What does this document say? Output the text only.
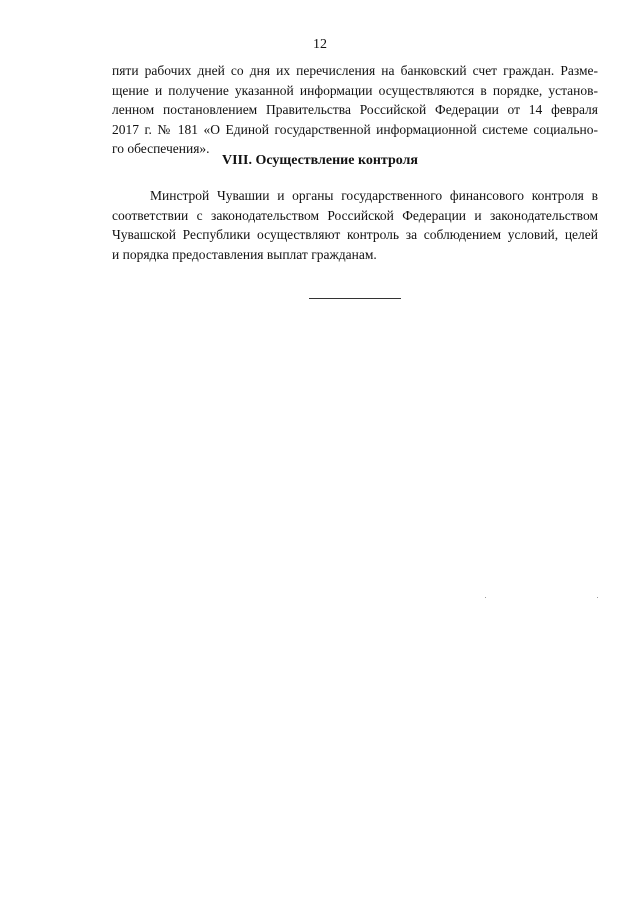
12
пяти рабочих дней со дня их перечисления на банковский счет граждан. Разме-
щение и получение указанной информации осуществляются в порядке, установ-
ленном постановлением Правительства Российской Федерации от 14 февраля
2017 г. № 181 «О Единой государственной информационной системе социально-
го обеспечения».
VIII. Осуществление контроля
Минстрой Чувашии и органы государственного финансового контроля в
соответствии с законодательством Российской Федерации и законодательством
Чувашской Республики осуществляют контроль за соблюдением условий, целей
и порядка предоставления выплат гражданам.
